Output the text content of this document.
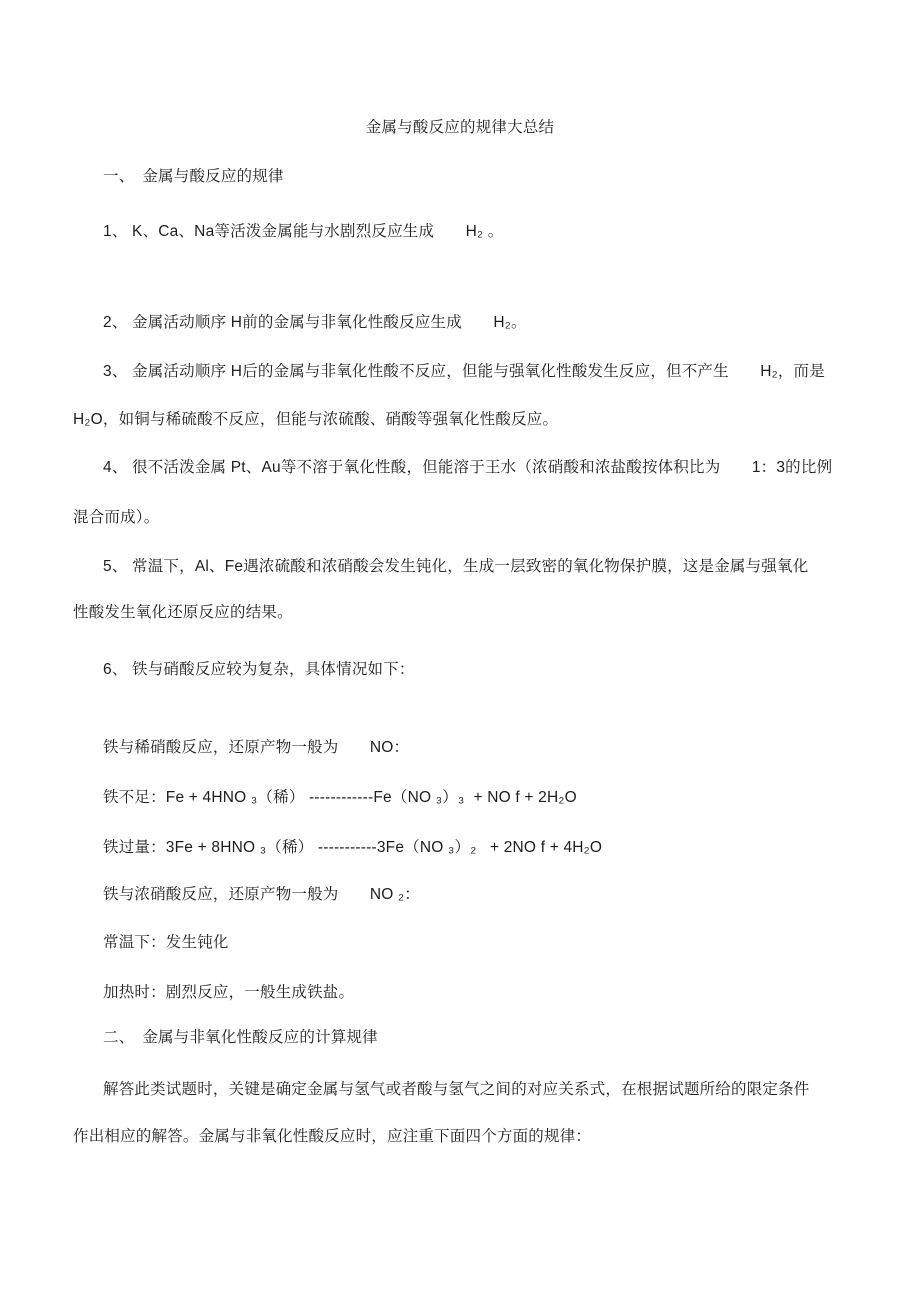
金属与酸反应的规律大总结
一、　金属与酸反应的规律
1、 K、Ca、Na等活泼金属能与水剧烈反应生成　　H₂ 。
2、 金属活动顺序 H前的金属与非氧化性酸反应生成　　H₂。
3、 金属活动顺序 H后的金属与非氧化性酸不反应，但能与强氧化性酸发生反应，但不产生　　H₂，而是
H₂O，如铜与稀硫酸不反应，但能与浓硫酸、硝酸等强氧化性酸反应。
4、 很不活泼金属 Pt、Au等不溶于氧化性酸，但能溶于王水（浓硝酸和浓盐酸按体积比为　　1：3的比例
混合而成）。
5、 常温下，Al、Fe遇浓硫酸和浓硝酸会发生钝化，生成一层致密的氧化物保护膜，这是金属与强氧化
性酸发生氧化还原反应的结果。
6、 铁与硝酸反应较为复杂，具体情况如下：
铁与稀硝酸反应，还原产物一般为　　NO：
铁不足：Fe + 4HNO ₃（稀） ------------Fe（NO ₃）₃  + NO f + 2H₂O
铁过量：3Fe + 8HNO ₃（稀） -----------3Fe（NO ₃）₂   + 2NO f + 4H₂O
铁与浓硝酸反应，还原产物一般为　　NO ₂：
常温下：发生钝化
加热时：剧烈反应，一般生成铁盐。
二、　金属与非氧化性酸反应的计算规律
解答此类试题时，关键是确定金属与氢气或者酸与氢气之间的对应关系式，在根据试题所给的限定条件
作出相应的解答。金属与非氧化性酸反应时，应注重下面四个方面的规律：
